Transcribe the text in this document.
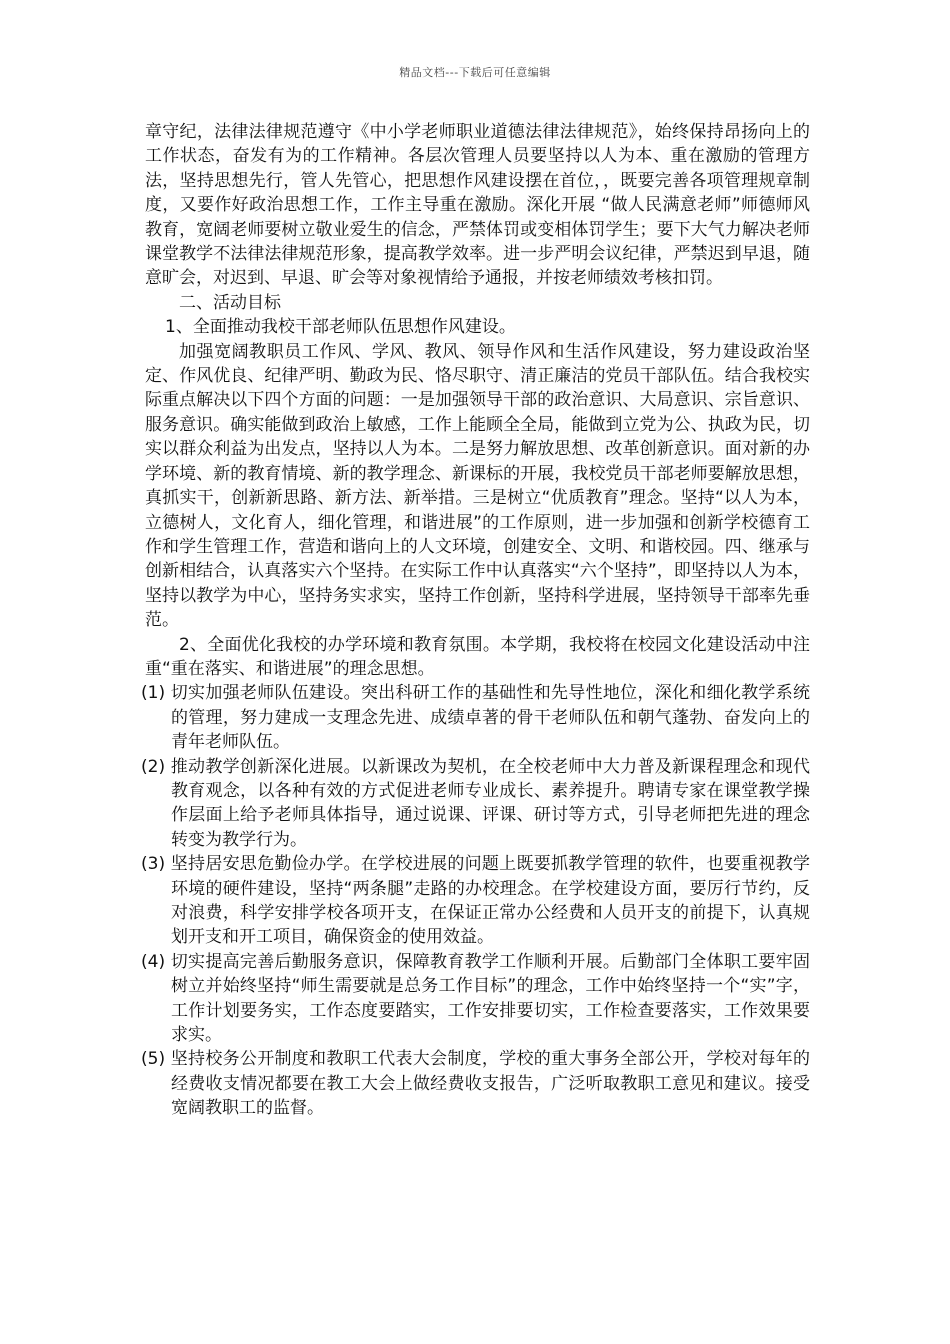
精品文档---下载后可任意编辑

章守纪，法律法律规范遵守《中小学老师职业道德法律法律规范》，始终保持昂扬向上的工作状态，奋发有为的工作精神。各层次管理人员要坚持以人为本、重在激励的管理方法，坚持思想先行，管人先管心，把思想作风建设摆在首位，，既要完善各项管理规章制度，又要作好政治思想工作，工作主导重在激励。深化开展 “做人民满意老师”师德师风教育，宽阔老师要树立敬业爱生的信念，严禁体罚或变相体罚学生；要下大气力解决老师课堂教学不法律法律规范形象，提高教学效率。进一步严明会议纪律，严禁迟到早退，随意旷会，对迟到、早退、旷会等对象视情给予通报，并按老师绩效考核扣罚。

二、活动目标

1、全面推动我校干部老师队伍思想作风建设。

加强宽阔教职员工作风、学风、教风、领导作风和生活作风建设，努力建设政治坚定、作风优良、纪律严明、勤政为民、恪尽职守、清正廉洁的党员干部队伍。结合我校实际重点解决以下四个方面的问题：一是加强领导干部的政治意识、大局意识、宗旨意识、服务意识。确实能做到政治上敏感，工作上能顾全全局，能做到立党为公、执政为民，切实以群众利益为出发点，坚持以人为本。二是努力解放思想、改革创新意识。面对新的办学环境、新的教育情境、新的教学理念、新课标的开展，我校党员干部老师要解放思想，真抓实干，创新新思路、新方法、新举措。三是树立“优质教育”理念。坚持“以人为本，立德树人，文化育人，细化管理，和谐进展”的工作原则，进一步加强和创新学校德育工作和学生管理工作，营造和谐向上的人文环境，创建安全、文明、和谐校园。四、继承与创新相结合，认真落实六个坚持。在实际工作中认真落实“六个坚持”，即坚持以人为本，坚持以教学为中心，坚持务实求实，坚持工作创新，坚持科学进展，坚持领导干部率先垂范。

2、全面优化我校的办学环境和教育氛围。本学期，我校将在校园文化建设活动中注重“重在落实、和谐进展”的理念思想。

(1) 切实加强老师队伍建设。突出科研工作的基础性和先导性地位，深化和细化教学系统的管理，努力建成一支理念先进、成绩卓著的骨干老师队伍和朝气蓬勃、奋发向上的青年老师队伍。

(2) 推动教学创新深化进展。以新课改为契机，在全校老师中大力普及新课程理念和现代教育观念，以各种有效的方式促进老师专业成长、素养提升。聘请专家在课堂教学操作层面上给予老师具体指导，通过说课、评课、研讨等方式，引导老师把先进的理念转变为教学行为。

(3) 坚持居安思危勤俭办学。在学校进展的问题上既要抓教学管理的软件，也要重视教学环境的硬件建设，坚持“两条腿”走路的办校理念。在学校建设方面，要厉行节约，反对浪费，科学安排学校各项开支，在保证正常办公经费和人员开支的前提下，认真规划开支和开工项目，确保资金的使用效益。

(4) 切实提高完善后勤服务意识，保障教育教学工作顺利开展。后勤部门全体职工要牢固树立并始终坚持“师生需要就是总务工作目标”的理念，工作中始终坚持一个“实”字，工作计划要务实，工作态度要踏实，工作安排要切实，工作检查要落实，工作效果要求实。

(5) 坚持校务公开制度和教职工代表大会制度，学校的重大事务全部公开，学校对每年的经费收支情况都要在教工大会上做经费收支报告，广泛听取教职工意见和建议。接受宽阔教职工的监督。
